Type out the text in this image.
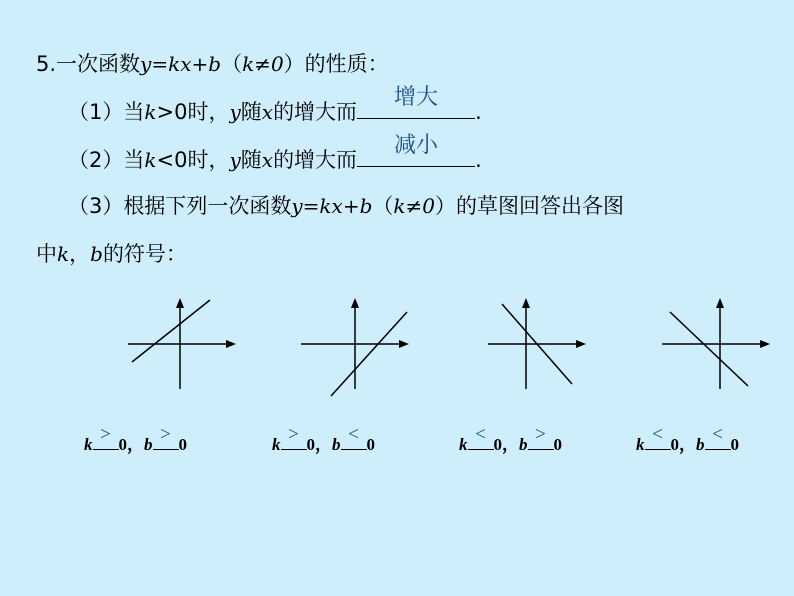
5.一次函数y=kx+b（k≠0）的性质：
（1）当k>0时，y随x的增大而
增大
.
（2）当k<0时，y随x的增大而
减小
.
（3）根据下列一次函数y=kx+b（k≠0）的草图回答出各图
中k，b的符号：
k > 0，b > 0	k > 0，b < 0	k < 0，b > 0	k < 0，b < 0
